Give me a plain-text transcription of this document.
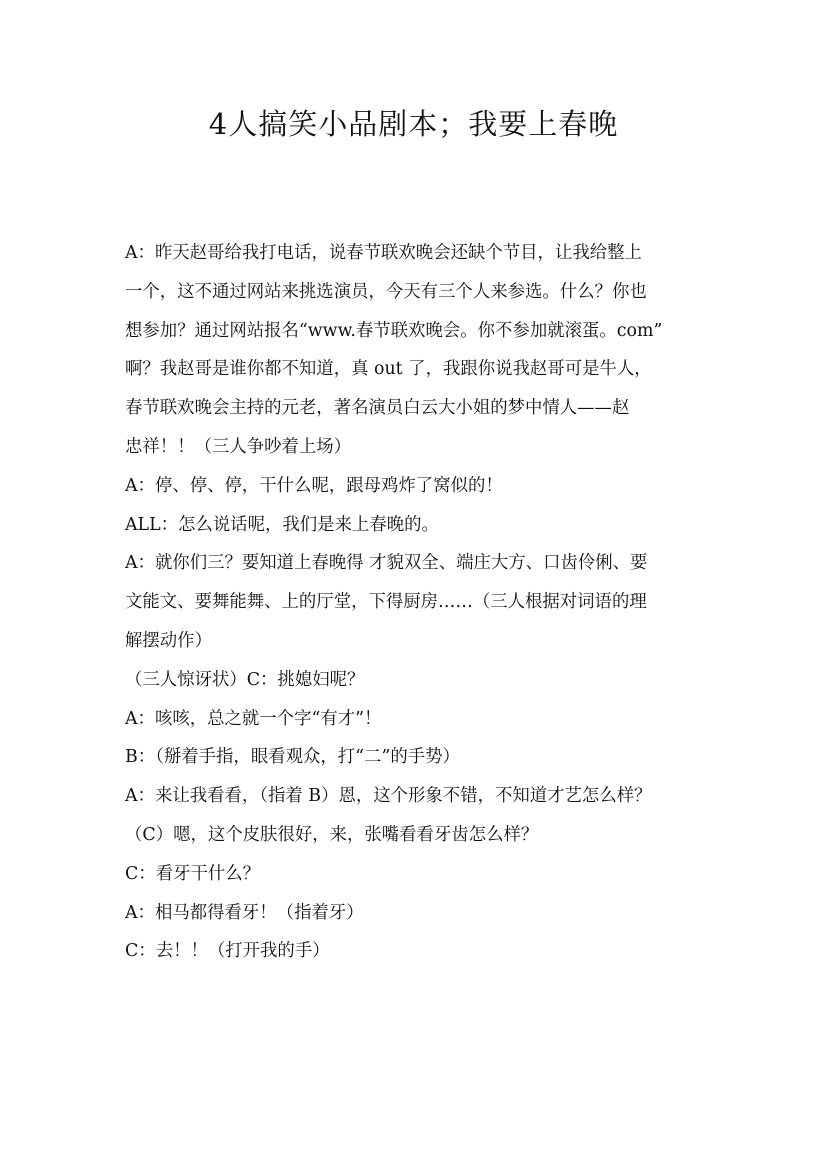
4人搞笑小品剧本；我要上春晚

A：昨天赵哥给我打电话，说春节联欢晚会还缺个节目，让我给整上
一个，这不通过网站来挑选演员，今天有三个人来参选。什么？你也
想参加？通过网站报名“www.春节联欢晚会。你不参加就滚蛋。com”
啊？我赵哥是谁你都不知道，真 out 了，我跟你说我赵哥可是牛人，
春节联欢晚会主持的元老，著名演员白云大小姐的梦中情人——赵
忠祥！！（三人争吵着上场）

A：停、停、停，干什么呢，跟母鸡炸了窝似的！

ALL：怎么说话呢，我们是来上春晚的。

A：就你们三？要知道上春晚得 才貌双全、端庄大方、口齿伶俐、要
文能文、要舞能舞、上的厅堂，下得厨房……（三人根据对词语的理
解摆动作）

（三人惊讶状）C：挑媳妇呢？

A：咳咳，总之就一个字“有才”！

B：（掰着手指，眼看观众，打“二”的手势）

A：来让我看看，（指着 B）恩，这个形象不错，不知道才艺怎么样？
（C）嗯，这个皮肤很好，来，张嘴看看牙齿怎么样？

C：看牙干什么？

A：相马都得看牙！（指着牙）

C：去！！（打开我的手）
